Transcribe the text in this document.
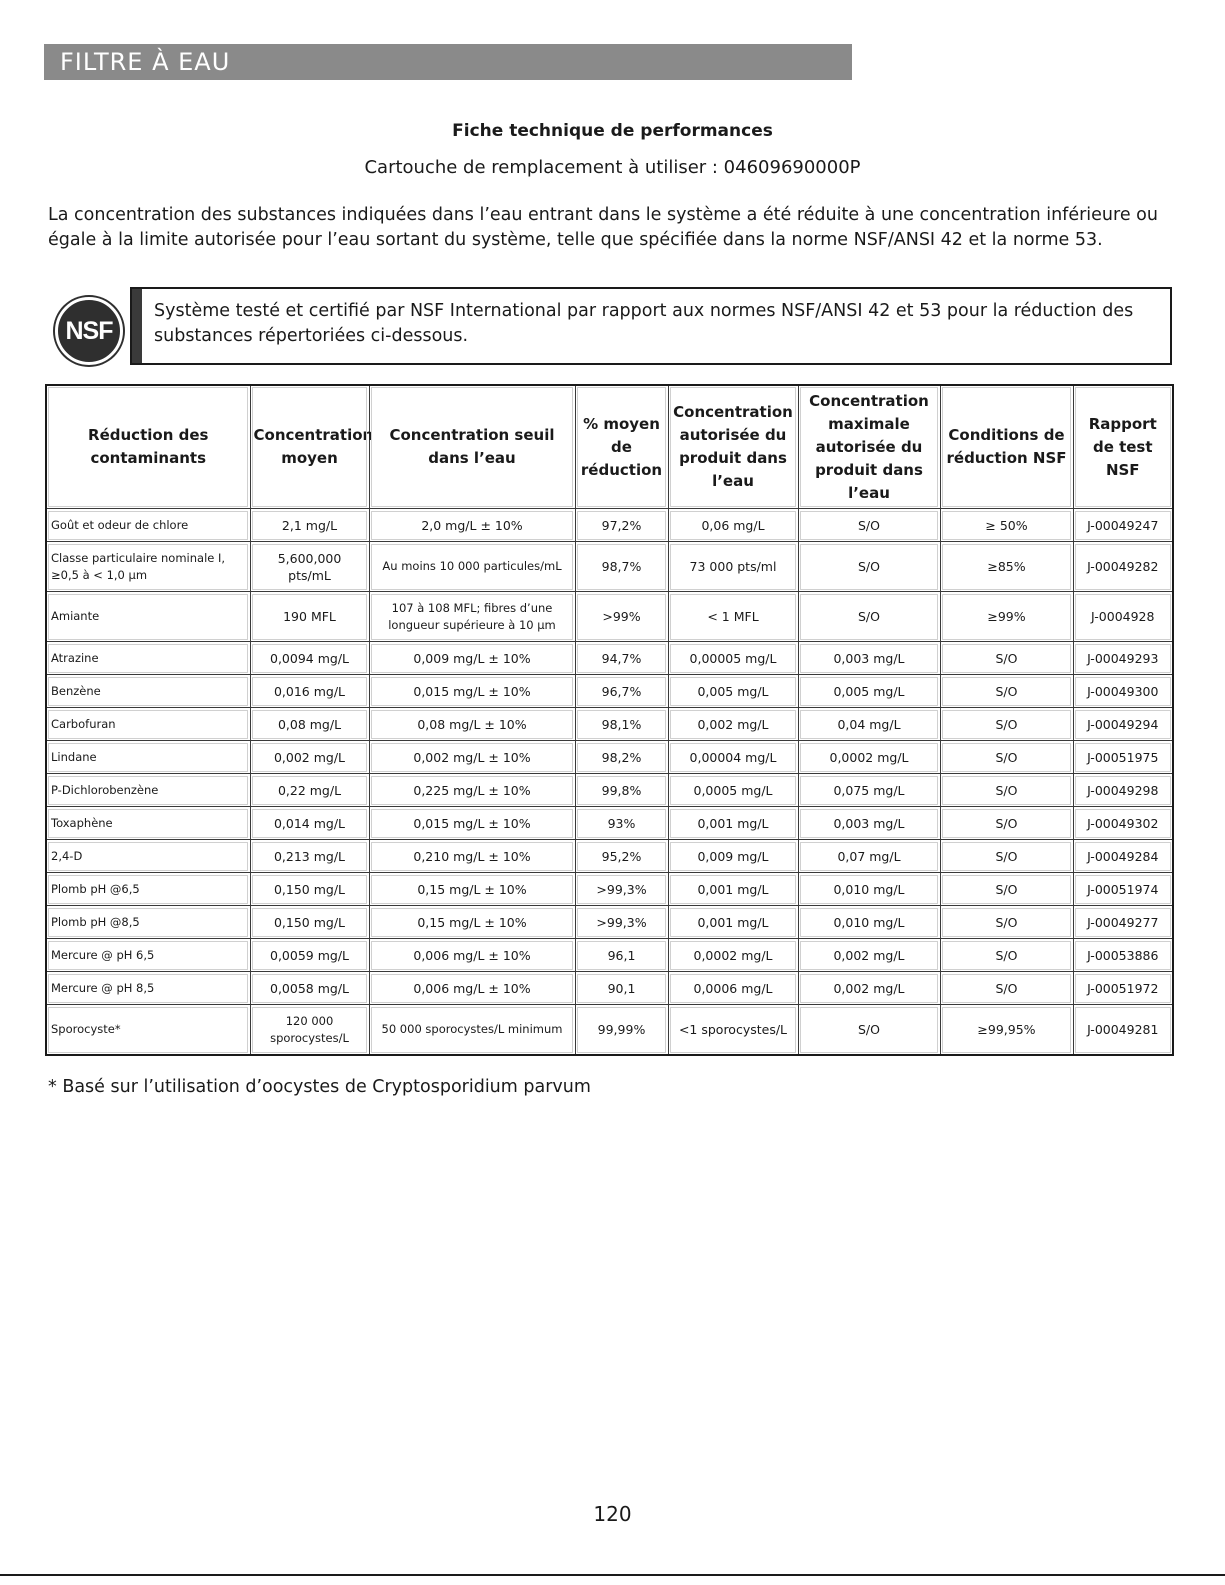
FILTRE À EAU
Fiche technique de performances
Cartouche de remplacement à utiliser : 04609690000P
La concentration des substances indiquées dans l’eau entrant dans le système a été réduite à une concentration inférieure ou égale à la limite autorisée pour l’eau sortant du système, telle que spécifiée dans la norme NSF/ANSI 42 et la norme 53.
NSF
Système testé et certifié par NSF International par rapport aux normes NSF/ANSI 42 et 53 pour la réduction des substances répertoriées ci-dessous.
Réduction des contaminants	Concentration moyen	Concentration seuil dans l’eau	% moyen de réduction	Concentration autorisée du produit dans l’eau	Concentration maximale autorisée du produit dans l’eau	Conditions de réduction NSF	Rapport de test NSF
Goût et odeur de chlore	2,1 mg/L	2,0 mg/L ± 10%	97,2%	0,06 mg/L	S/O	≥ 50%	J-00049247
Classe particulaire nominale I, ≥0,5 à < 1,0 µm	5,600,000 pts/mL	Au moins 10 000 particules/mL	98,7%	73 000 pts/ml	S/O	≥85%	J-00049282
Amiante	190 MFL	107 à 108 MFL; fibres d’une longueur supérieure à 10 µm	>99%	< 1 MFL	S/O	≥99%	J-0004928
Atrazine	0,0094 mg/L	0,009 mg/L ± 10%	94,7%	0,00005 mg/L	0,003 mg/L	S/O	J-00049293
Benzène	0,016 mg/L	0,015 mg/L ± 10%	96,7%	0,005 mg/L	0,005 mg/L	S/O	J-00049300
Carbofuran	0,08 mg/L	0,08 mg/L ± 10%	98,1%	0,002 mg/L	0,04 mg/L	S/O	J-00049294
Lindane	0,002 mg/L	0,002 mg/L ± 10%	98,2%	0,00004 mg/L	0,0002 mg/L	S/O	J-00051975
P-Dichlorobenzène	0,22 mg/L	0,225 mg/L ± 10%	99,8%	0,0005 mg/L	0,075 mg/L	S/O	J-00049298
Toxaphène	0,014 mg/L	0,015 mg/L ± 10%	93%	0,001 mg/L	0,003 mg/L	S/O	J-00049302
2,4-D	0,213 mg/L	0,210 mg/L ± 10%	95,2%	0,009 mg/L	0,07 mg/L	S/O	J-00049284
Plomb pH @6,5	0,150 mg/L	0,15 mg/L ± 10%	>99,3%	0,001 mg/L	0,010 mg/L	S/O	J-00051974
Plomb pH @8,5	0,150 mg/L	0,15 mg/L ± 10%	>99,3%	0,001 mg/L	0,010 mg/L	S/O	J-00049277
Mercure @ pH 6,5	0,0059 mg/L	0,006 mg/L ± 10%	96,1	0,0002 mg/L	0,002 mg/L	S/O	J-00053886
Mercure @ pH 8,5	0,0058 mg/L	0,006 mg/L ± 10%	90,1	0,0006 mg/L	0,002 mg/L	S/O	J-00051972
Sporocyste*	120 000 sporocystes/L	50 000 sporocystes/L minimum	99,99%	<1 sporocystes/L	S/O	≥99,95%	J-00049281
* Basé sur l’utilisation d’oocystes de Cryptosporidium parvum
120
